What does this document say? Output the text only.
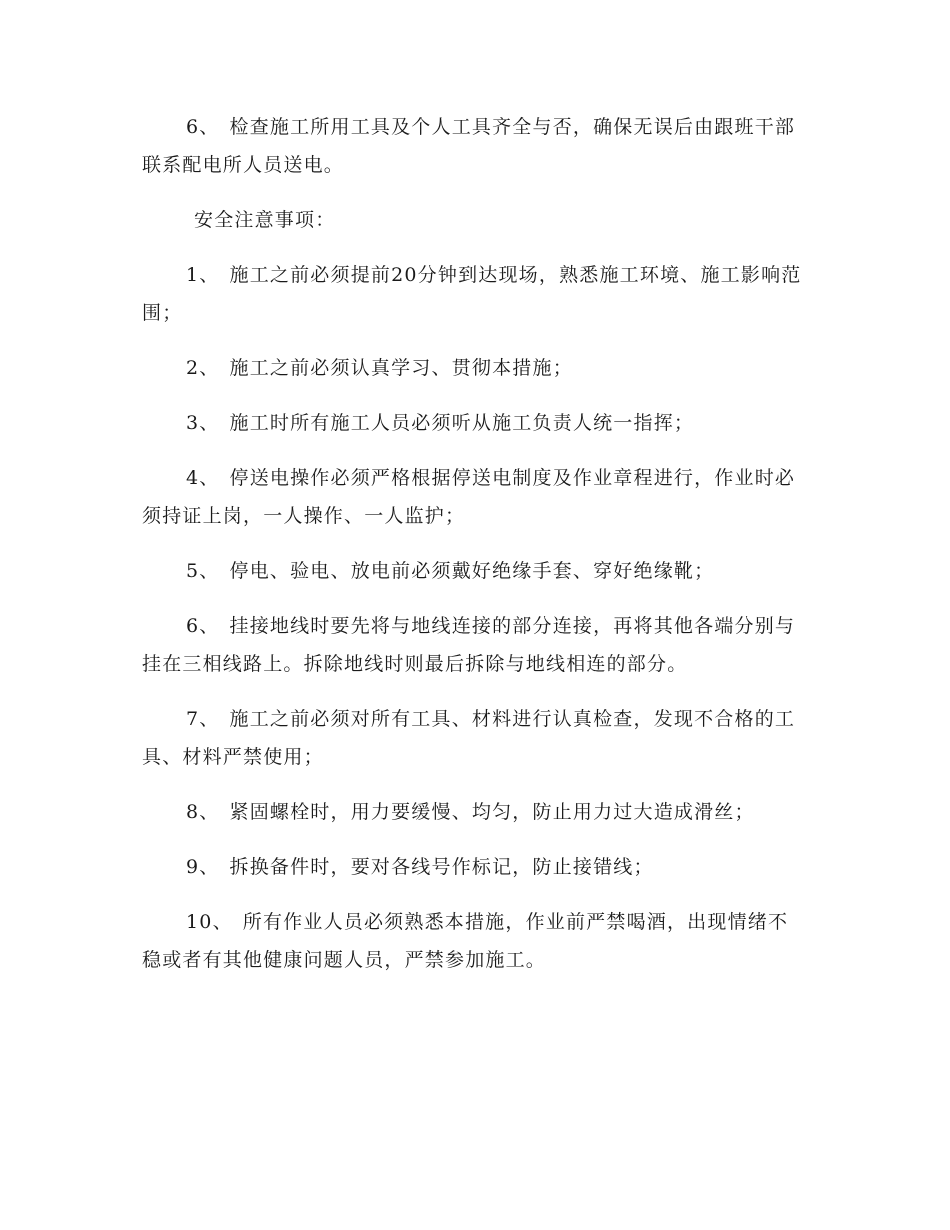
6、 检查施工所用工具及个人工具齐全与否，确保无误后由跟班干部联系配电所人员送电。

安全注意事项：

1、 施工之前必须提前20分钟到达现场，熟悉施工环境、施工影响范围；

2、 施工之前必须认真学习、贯彻本措施；

3、 施工时所有施工人员必须听从施工负责人统一指挥；

4、 停送电操作必须严格根据停送电制度及作业章程进行，作业时必须持证上岗，一人操作、一人监护；

5、 停电、验电、放电前必须戴好绝缘手套、穿好绝缘靴；

6、 挂接地线时要先将与地线连接的部分连接，再将其他各端分别与挂在三相线路上。拆除地线时则最后拆除与地线相连的部分。

7、 施工之前必须对所有工具、材料进行认真检查，发现不合格的工具、材料严禁使用；

8、 紧固螺栓时，用力要缓慢、均匀，防止用力过大造成滑丝；

9、 拆换备件时，要对各线号作标记，防止接错线；

10、 所有作业人员必须熟悉本措施，作业前严禁喝酒，出现情绪不稳或者有其他健康问题人员，严禁参加施工。
